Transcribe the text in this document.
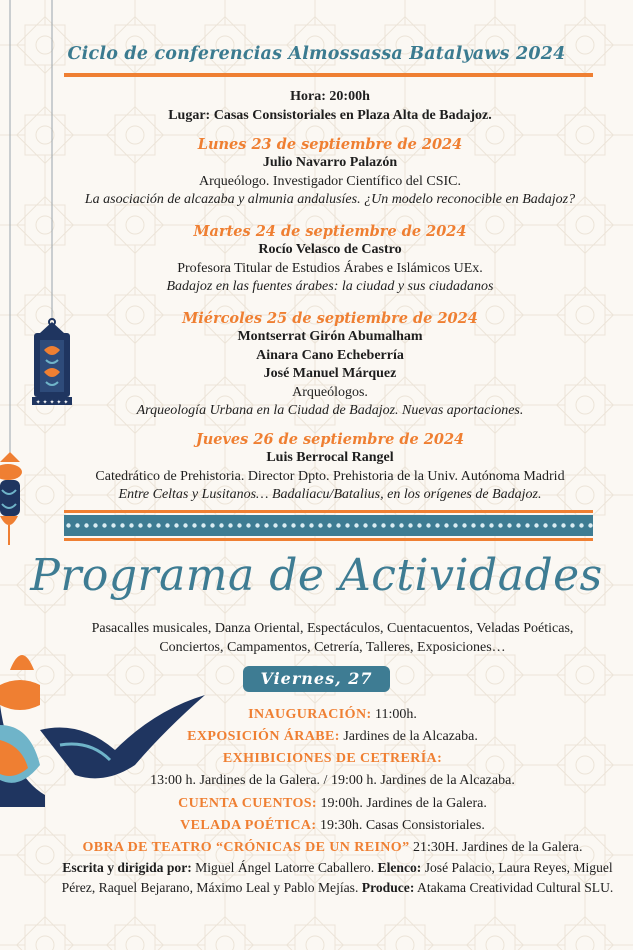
✦ ✦ ✦ ✦ ✦
Ciclo de conferencias Almossassa Batalyaws 2024
Hora: 20:00h
Lugar: Casas Consistoriales en Plaza Alta de Badajoz.
Lunes 23 de septiembre de 2024
Julio Navarro Palazón
Arqueólogo. Investigador Científico del CSIC.
La asociación de alcazaba y almunia andalusíes. ¿Un modelo reconocible en Badajoz?
Martes 24 de septiembre de 2024
Rocío Velasco de Castro
Profesora Titular de Estudios Árabes e Islámicos UEx.
Badajoz en las fuentes árabes: la ciudad y sus ciudadanos
Miércoles 25 de septiembre de 2024
Montserrat Girón Abumalham
Ainara Cano Echeberría
José Manuel Márquez
Arqueólogos.
Arqueología Urbana en la Ciudad de Badajoz. Nuevas aportaciones.
Jueves 26 de septiembre de 2024
Luis Berrocal Rangel
Catedrático de Prehistoria. Director Dpto. Prehistoria de la Univ. Autónoma Madrid
Entre Celtas y Lusitanos… Badaliacu/Batalius, en los orígenes de Badajoz.
Programa de Actividades
Pasacalles musicales, Danza Oriental, Espectáculos, Cuentacuentos, Veladas Poéticas,
Conciertos, Campamentos, Cetrería, Talleres, Exposiciones…
Viernes, 27
INAUGURACIÓN: 11:00h.
EXPOSICIÓN ÁRABE: Jardines de la Alcazaba.
EXHIBICIONES DE CETRERÍA:
13:00 h. Jardines de la Galera. / 19:00 h. Jardines de la Alcazaba.
CUENTA CUENTOS: 19:00h. Jardines de la Galera.
VELADA POÉTICA: 19:30h. Casas Consistoriales.
OBRA DE TEATRO “CRÓNICAS DE UN REINO” 21:30H. Jardines de la Galera.
Escrita y dirigida por: Miguel Ángel Latorre Caballero. Elenco: José Palacio, Laura Reyes, Miguel Pérez, Raquel Bejarano, Máximo Leal y Pablo Mejías. Produce: Atakama Creatividad Cultural SLU.
